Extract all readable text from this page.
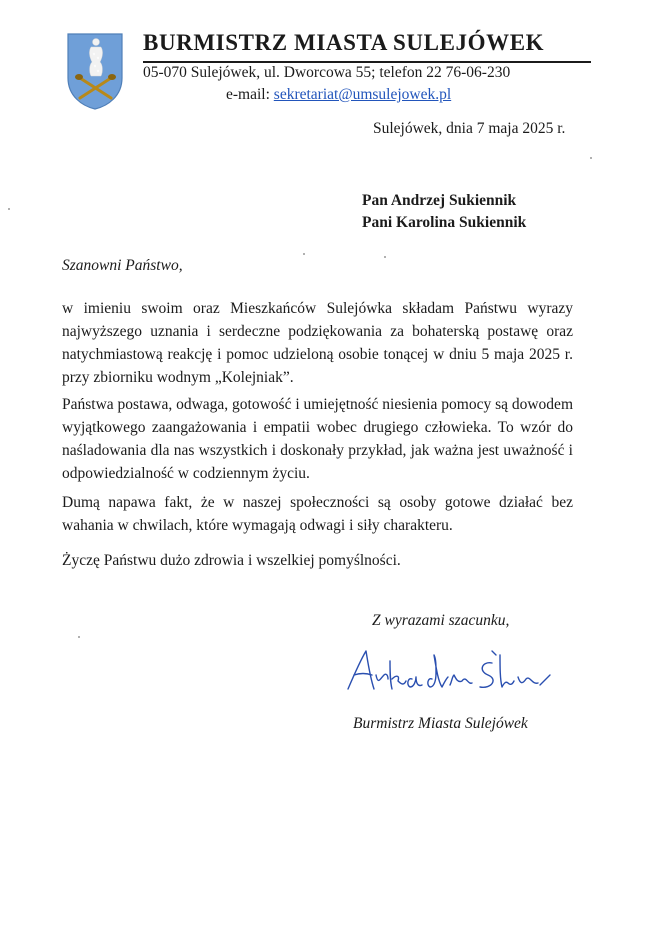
BURMISTRZ MIASTA SULEJÓWEK
05-070 Sulejówek, ul. Dworcowa 55; telefon 22 76-06-230
e-mail: sekretariat@umsulejowek.pl
Sulejówek, dnia 7 maja 2025 r.
Pan Andrzej Sukiennik
Pani Karolina Sukiennik
Szanowni Państwo,

w imieniu swoim oraz Mieszkańców Sulejówka składam Państwu wyrazy najwyższego uznania i serdeczne podziękowania za bohaterską postawę oraz natychmiastową reakcję i pomoc udzieloną osobie tonącej w dniu 5 maja 2025 r. przy zbiorniku wodnym „Kolejniak”.

Państwa postawa, odwaga, gotowość i umiejętność niesienia pomocy są dowodem wyjątkowego zaangażowania i empatii wobec drugiego człowieka. To wzór do naśladowania dla nas wszystkich i doskonały przykład, jak ważna jest uważność i odpowiedzialność w codziennym życiu.

Dumą napawa fakt, że w naszej społeczności są osoby gotowe działać bez wahania w chwilach, które wymagają odwagi i siły charakteru.

Życzę Państwu dużo zdrowia i wszelkiej pomyślności.

Z wyrazami szacunku,
Burmistrz Miasta Sulejówek
